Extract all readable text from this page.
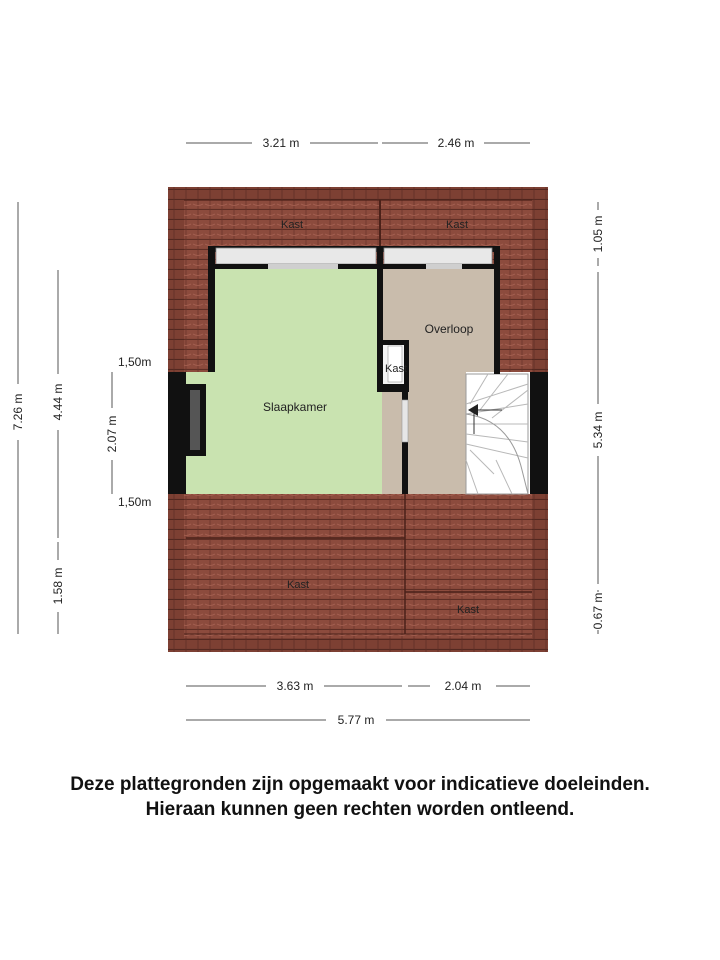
3.21 m	2.46 m
3.63 m	2.04 m
5.77 m
7.26 m 4.44 m
1.58 m
2.07 m
1,50m
1,50m
1.05 m
5.34 m
0.67 m
Kast	Kast
Overloop
Kast
Slaapkamer
Kast
Kast
Deze plattegronden zijn opgemaakt voor indicatieve doeleinden.
Hieraan kunnen geen rechten worden ontleend.
